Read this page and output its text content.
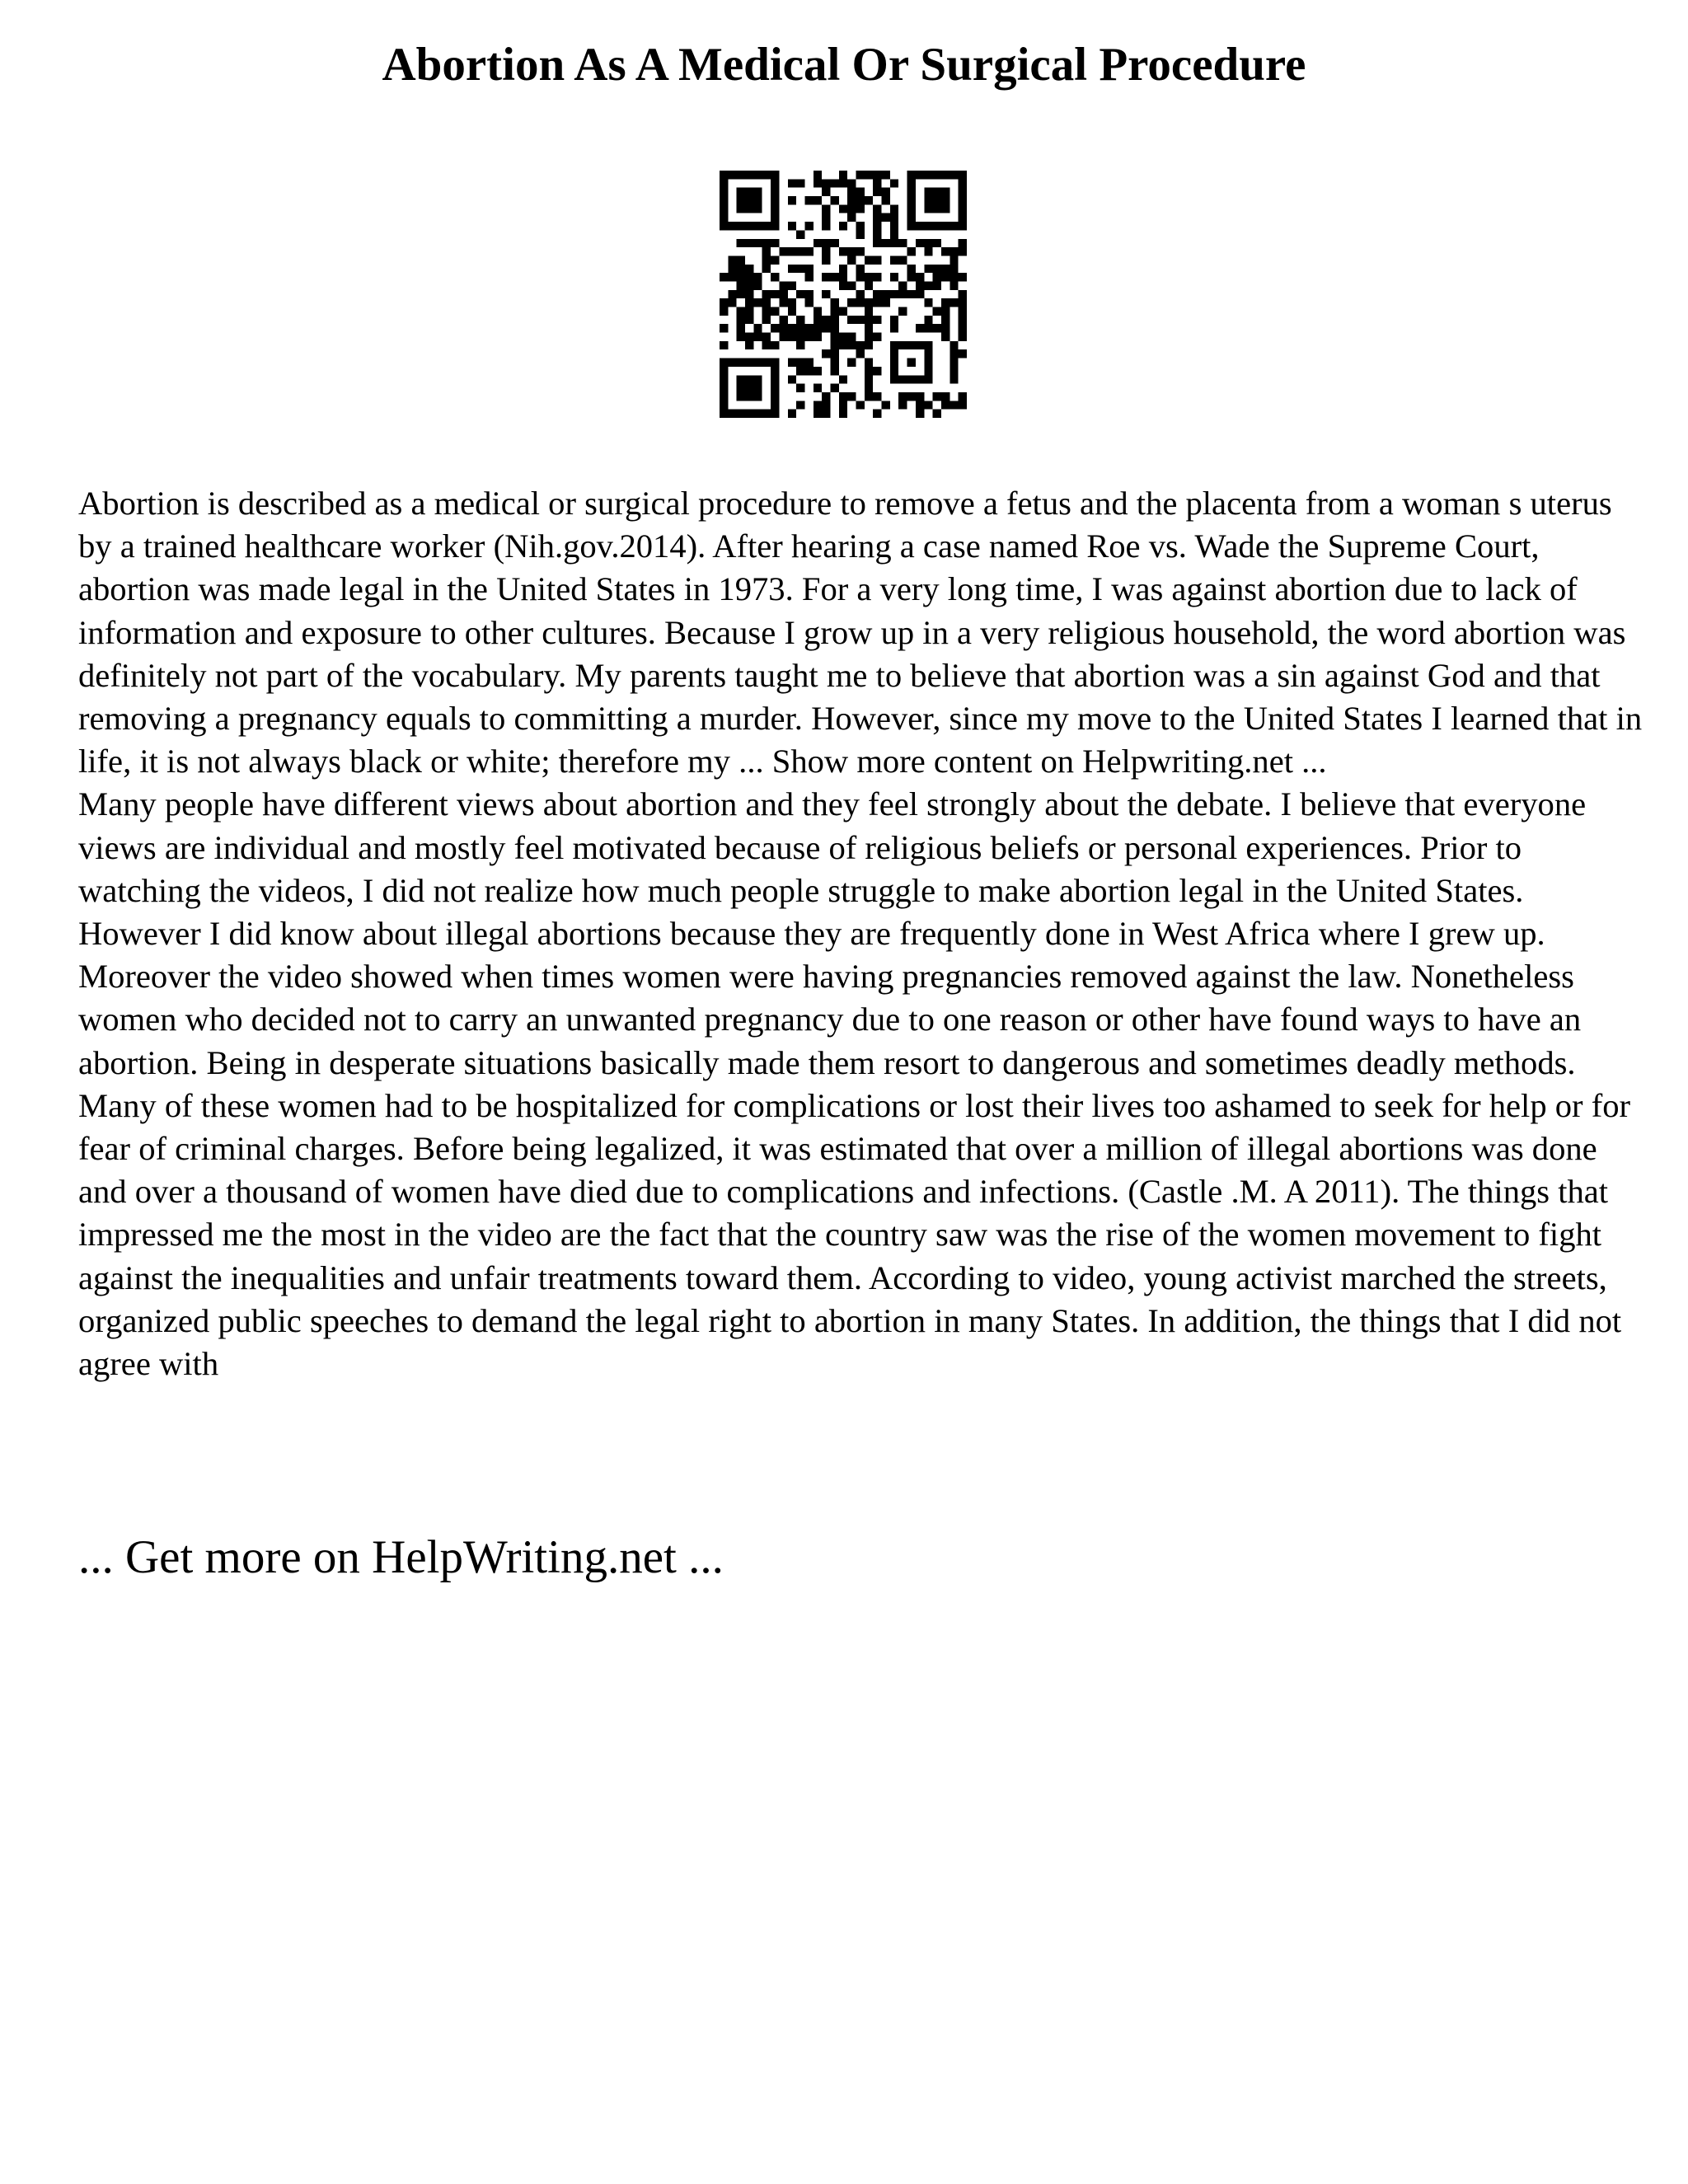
Abortion As A Medical Or Surgical Procedure

Abortion is described as a medical or surgical procedure to remove a fetus and the placenta from a woman s uterus by a trained healthcare worker (Nih.gov.2014). After hearing a case named Roe vs. Wade the Supreme Court, abortion was made legal in the United States in 1973. For a very long time, I was against abortion due to lack of information and exposure to other cultures. Because I grow up in a very religious household, the word abortion was definitely not part of the vocabulary. My parents taught me to believe that abortion was a sin against God and that removing a pregnancy equals to committing a murder. However, since my move to the United States I learned that in life, it is not always black or white; therefore my ... Show more content on Helpwriting.net ...

Many people have different views about abortion and they feel strongly about the debate. I believe that everyone views are individual and mostly feel motivated because of religious beliefs or personal experiences. Prior to watching the videos, I did not realize how much people struggle to make abortion legal in the United States. However I did know about illegal abortions because they are frequently done in West Africa where I grew up. Moreover the video showed when times women were having pregnancies removed against the law. Nonetheless women who decided not to carry an unwanted pregnancy due to one reason or other have found ways to have an abortion. Being in desperate situations basically made them resort to dangerous and sometimes deadly methods. Many of these women had to be hospitalized for complications or lost their lives too ashamed to seek for help or for fear of criminal charges. Before being legalized, it was estimated that over a million of illegal abortions was done and over a thousand of women have died due to complications and infections. (Castle .M. A 2011). The things that impressed me the most in the video are the fact that the country saw was the rise of the women movement to fight against the inequalities and unfair treatments toward them. According to video, young activist marched the streets, organized public speeches to demand the legal right to abortion in many States. In addition, the things that I did not agree with

... Get more on HelpWriting.net ...
